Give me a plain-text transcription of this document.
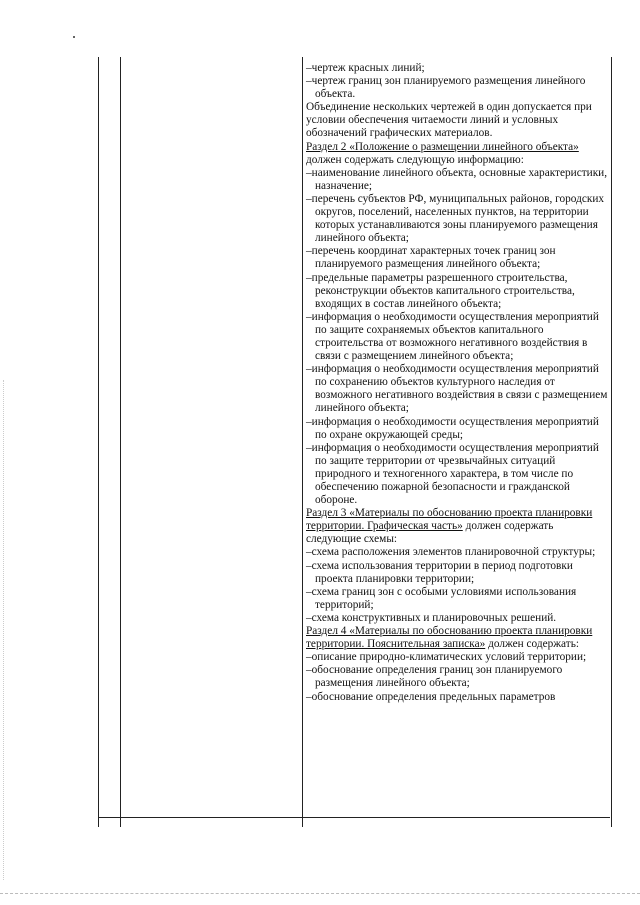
–чертеж красных линий;

–чертеж границ зон планируемого размещения линейного объекта.

Объединение нескольких чертежей в один допускается при условии обеспечения читаемости линий и условных обозначений графических материалов.

Раздел 2 «Положение о размещении линейного объекта» должен содержать следующую информацию:

–наименование линейного объекта, основные характеристики, назначение;

–перечень субъектов РФ, муниципальных районов, городских округов, поселений, населенных пунктов, на территории которых устанавливаются зоны планируемого размещения линейного объекта;

–перечень координат характерных точек границ зон планируемого размещения линейного объекта;

–предельные параметры разрешенного строительства, реконструкции объектов капитального строительства, входящих в состав линейного объекта;

–информация о необходимости осуществления мероприятий по защите сохраняемых объектов капитального строительства от возможного негативного воздействия в связи с размещением линейного объекта;

–информация о необходимости осуществления мероприятий по сохранению объектов культурного наследия от возможного негативного воздействия в связи с размещением линейного объекта;

–информация о необходимости осуществления мероприятий по охране окружающей среды;

–информация о необходимости осуществления мероприятий по защите территории от чрезвычайных ситуаций природного и техногенного характера, в том числе по обеспечению пожарной безопасности и гражданской обороне.

Раздел 3 «Материалы по обоснованию проекта планировки территории. Графическая часть» должен содержать следующие схемы:

–схема расположения элементов планировочной структуры;

–схема использования территории в период подготовки проекта планировки территории;

–схема границ зон с особыми условиями использования территорий;

–схема конструктивных и планировочных решений.

Раздел 4 «Материалы по обоснованию проекта планировки территории. Пояснительная записка» должен содержать:

–описание природно-климатических условий территории;

–обоснование определения границ зон планируемого размещения линейного объекта;

–обоснование определения предельных параметров
